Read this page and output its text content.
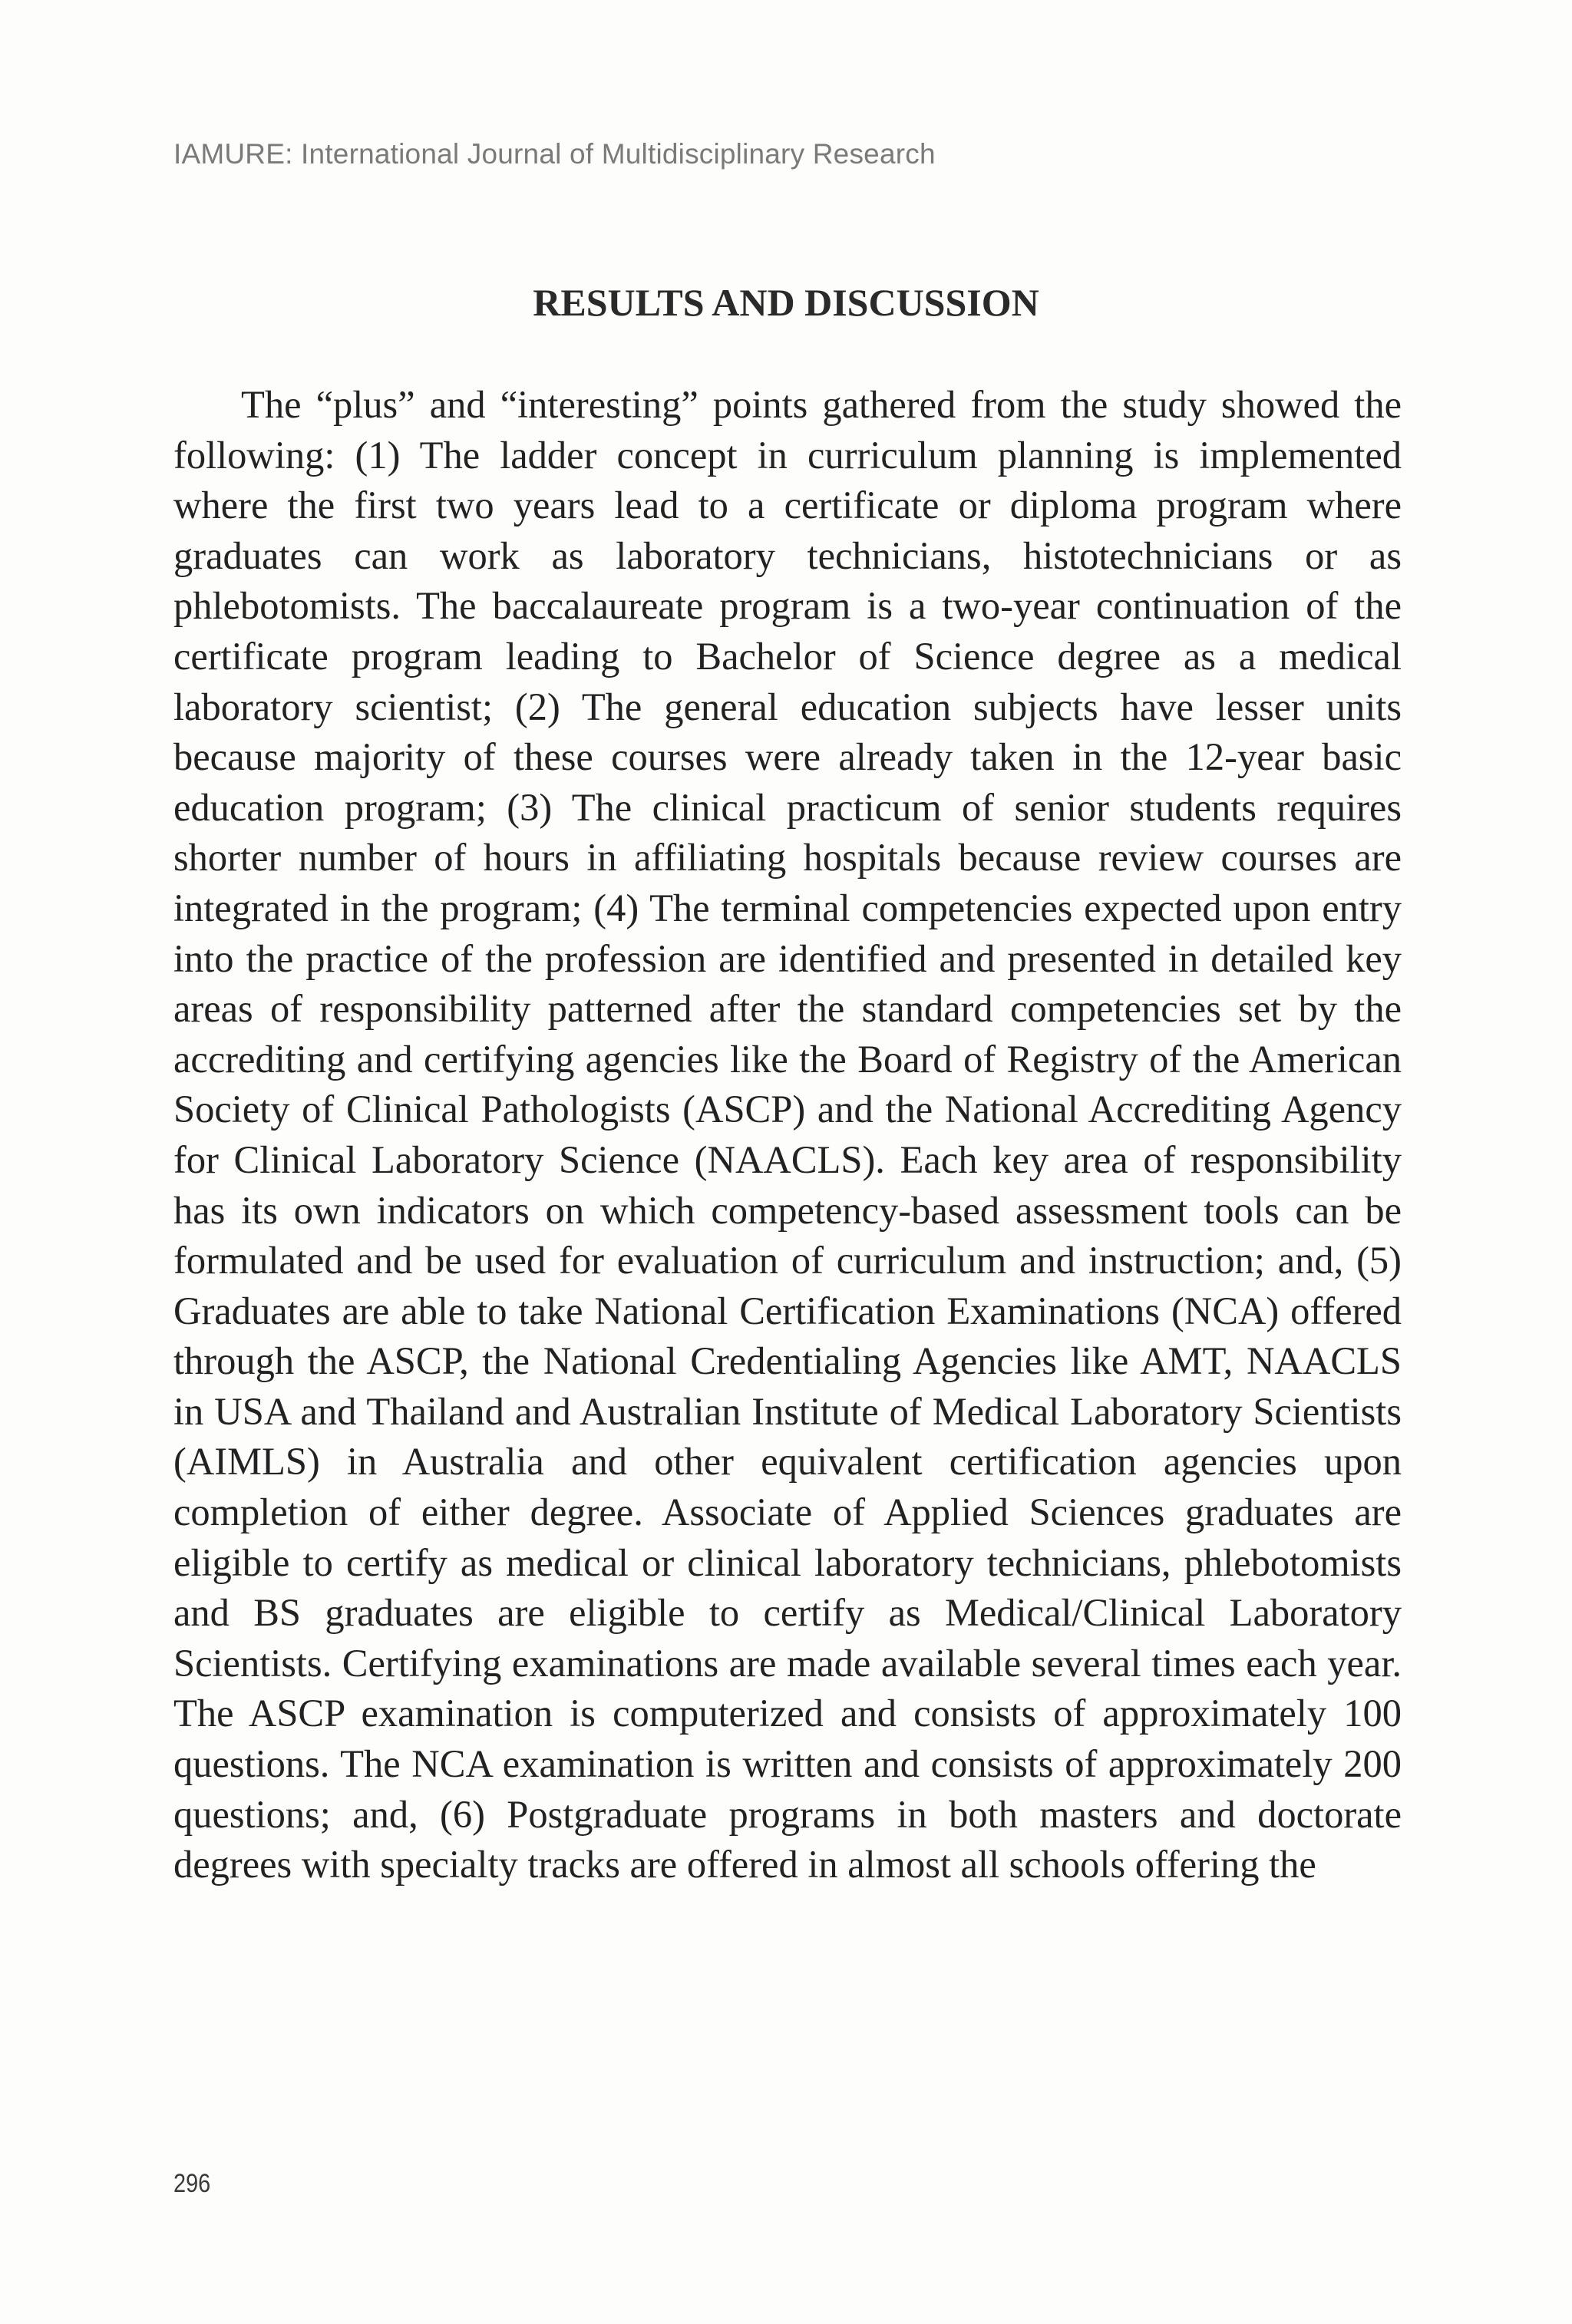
IAMURE: International Journal of Multidisciplinary Research
RESULTS AND DISCUSSION

The “plus” and “interesting” points gathered from the study showed the following: (1) The ladder concept in curriculum planning is implemented where the first two years lead to a certificate or diploma program where graduates can work as laboratory technicians, histotechnicians or as phlebotomists. The baccalaureate program is a two-year continuation of the certificate program leading to Bachelor of Science degree as a medical laboratory scientist; (2) The general education subjects have lesser units because majority of these courses were already taken in the 12-year basic education program; (3) The clinical practicum of senior students requires shorter number of hours in affiliating hospitals because review courses are integrated in the program; (4) The terminal competencies expected upon entry into the practice of the profession are identified and presented in detailed key areas of responsibility patterned after the standard competencies set by the accrediting and certifying agencies like the Board of Registry of the American Society of Clinical Pathologists (ASCP) and the National Accrediting Agency for Clinical Laboratory Science (NAACLS). Each key area of responsibility has its own indicators on which competency-based assessment tools can be formulated and be used for evaluation of curriculum and instruction; and, (5) Graduates are able to take National Certification Examinations (NCA) offered through the ASCP, the National Credentialing Agencies like AMT, NAACLS in USA and Thailand and Australian Institute of Medical Laboratory Scientists (AIMLS) in Australia and other equivalent certification agencies upon completion of either degree. Associate of Applied Sciences graduates are eligible to certify as medical or clinical laboratory technicians, phlebotomists and BS graduates are eligible to certify as Medical/Clinical Laboratory Scientists. Certifying examinations are made available several times each year. The ASCP examination is computerized and consists of approximately 100 questions. The NCA examination is written and consists of approximately 200 questions; and, (6) Postgraduate programs in both masters and doctorate degrees with specialty tracks are offered in almost all schools offering the

296
